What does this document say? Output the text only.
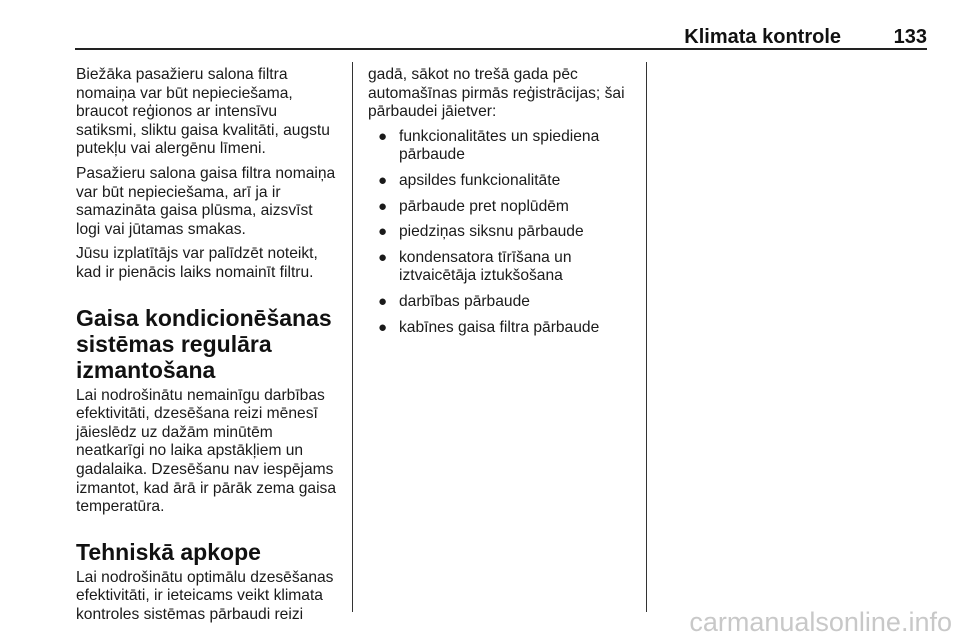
Klimata kontrole	133

Biežāka pasažieru salona filtra
nomaiņa var būt nepieciešama,
braucot reģionos ar intensīvu
satiksmi, sliktu gaisa kvalitāti, augstu
putekļu vai alergēnu līmeni.

Pasažieru salona gaisa filtra nomaiņa
var būt nepieciešama, arī ja ir
samazināta gaisa plūsma, aizsvīst
logi vai jūtamas smakas.

Jūsu izplatītājs var palīdzēt noteikt,
kad ir pienācis laiks nomainīt filtru.

Gaisa kondicionēšanas
sistēmas regulāra
izmantošana

Lai nodrošinātu nemainīgu darbības
efektivitāti, dzesēšana reizi mēnesī
jāieslēdz uz dažām minūtēm
neatkarīgi no laika apstākļiem un
gadalaika. Dzesēšanu nav iespējams
izmantot, kad ārā ir pārāk zema gaisa
temperatūra.

Tehniskā apkope

Lai nodrošinātu optimālu dzesēšanas
efektivitāti, ir ieteicams veikt klimata
kontroles sistēmas pārbaudi reizi

gadā, sākot no trešā gada pēc
automašīnas pirmās reģistrācijas; šai
pārbaudei jāietver:

● funkcionalitātes un spiediena
pārbaude
● apsildes funkcionalitāte
● pārbaude pret noplūdēm
● piedziņas siksnu pārbaude
● kondensatora tīrīšana un
iztvaicētāja iztukšošana
● darbības pārbaude
● kabīnes gaisa filtra pārbaude
carmanualsonline.info
